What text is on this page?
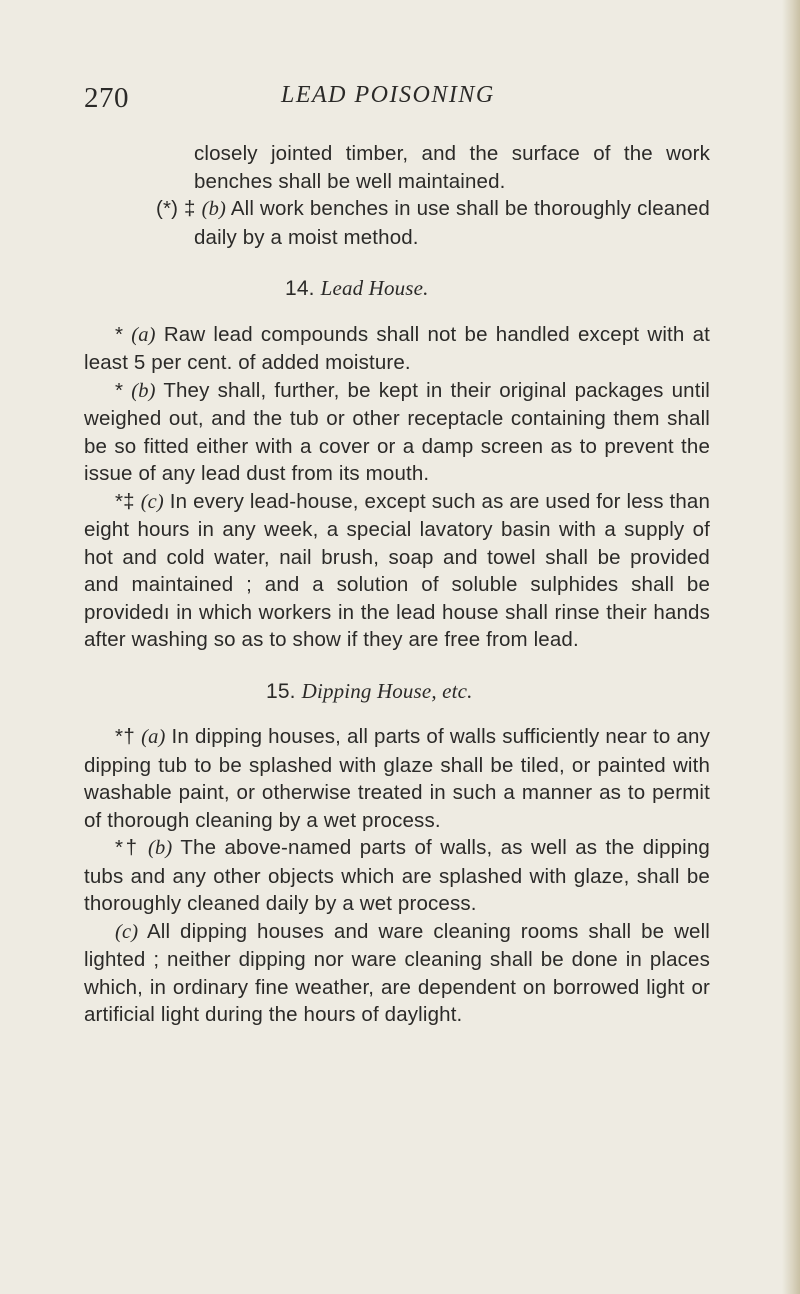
270	LEAD POISONING

closely jointed timber, and the surface of the work benches shall be well maintained.

(*) ‡ (b) All work benches in use shall be thoroughly cleaned daily by a moist method.

14. Lead House.

* (a) Raw lead compounds shall not be handled except with at least 5 per cent. of added moisture.

* (b) They shall, further, be kept in their original packages until weighed out, and the tub or other receptacle containing them shall be so fitted either with a cover or a damp screen as to prevent the issue of any lead dust from its mouth.

*‡ (c) In every lead-house, except such as are used for less than eight hours in any week, a special lavatory basin with a supply of hot and cold water, nail brush, soap and towel shall be provided and maintained ; and a solution of soluble sulphides shall be providedı in which workers in the lead house shall rinse their hands after washing so as to show if they are free from lead.

15. Dipping House, etc.

*† (a) In dipping houses, all parts of walls sufficiently near to any dipping tub to be splashed with glaze shall be tiled, or painted with washable paint, or otherwise treated in such a manner as to permit of thorough cleaning by a wet process.

*† (b) The above-named parts of walls, as well as the dipping tubs and any other objects which are splashed with glaze, shall be thoroughly cleaned daily by a wet process.

(c) All dipping houses and ware cleaning rooms shall be well lighted ; neither dipping nor ware cleaning shall be done in places which, in ordinary fine weather, are dependent on borrowed light or artificial light during the hours of daylight.
